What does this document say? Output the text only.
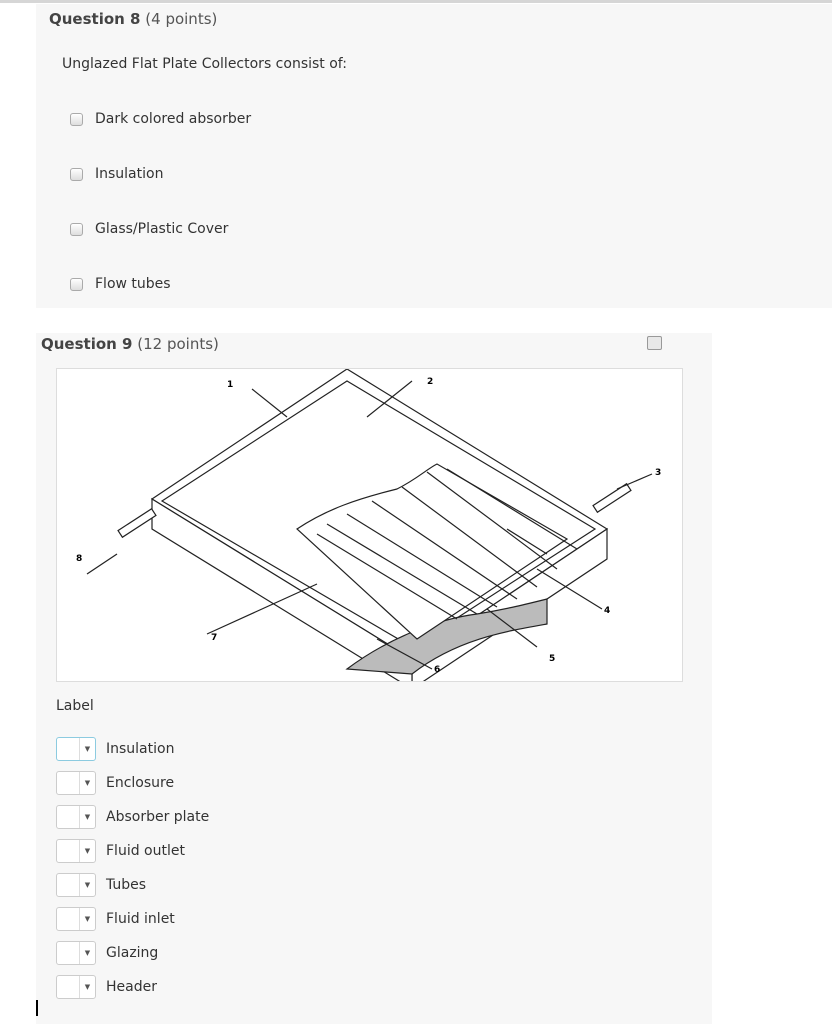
Question 8 (4 points)
Unglazed Flat Plate Collectors consist of:
Dark colored absorber
Insulation
Glass/Plastic Cover
Flow tubes
Question 9 (12 points)
1	2
3
4
5
6
7
8
Label
▼	Insulation
▼	Enclosure
▼	Absorber plate
▼	Fluid outlet
▼	Tubes
▼	Fluid inlet
▼	Glazing
▼	Header
